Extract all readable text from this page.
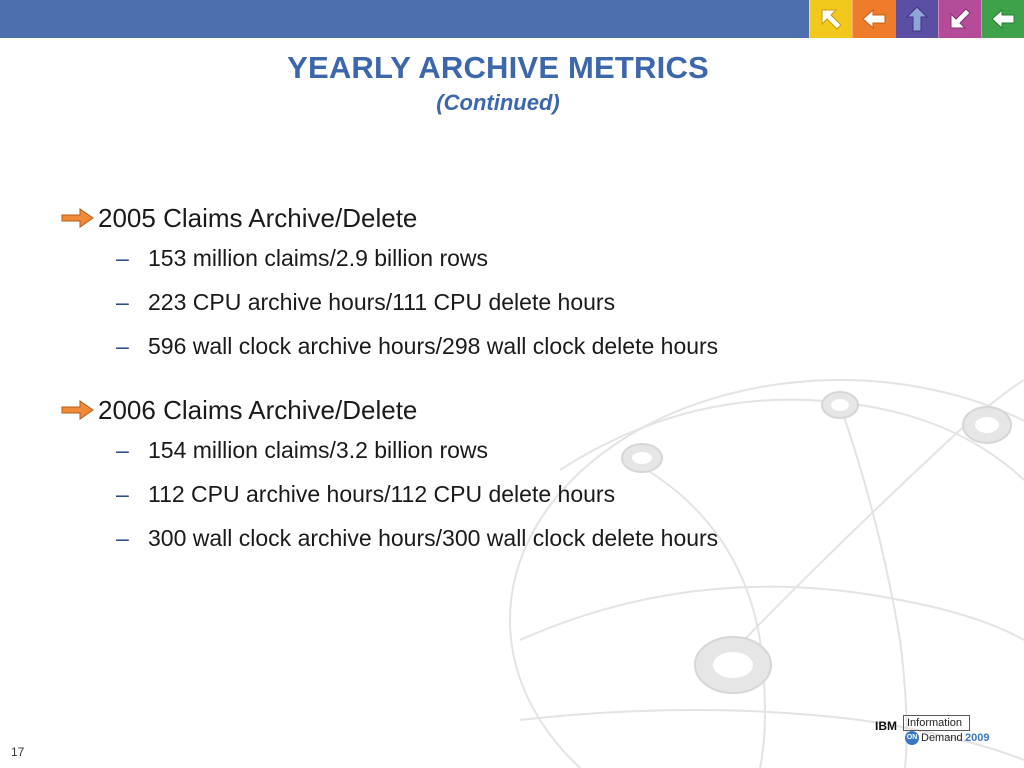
YEARLY ARCHIVE METRICS
(Continued)
2005 Claims Archive/Delete
– 153 million claims/2.9 billion rows
– 223 CPU archive hours/111 CPU delete hours
– 596 wall clock archive hours/298 wall clock delete hours
2006 Claims Archive/Delete
– 154 million claims/3.2 billion rows
– 112 CPU archive hours/112 CPU delete hours
– 300 wall clock archive hours/300 wall clock delete hours
17
IBM Information
ON Demand 2009
